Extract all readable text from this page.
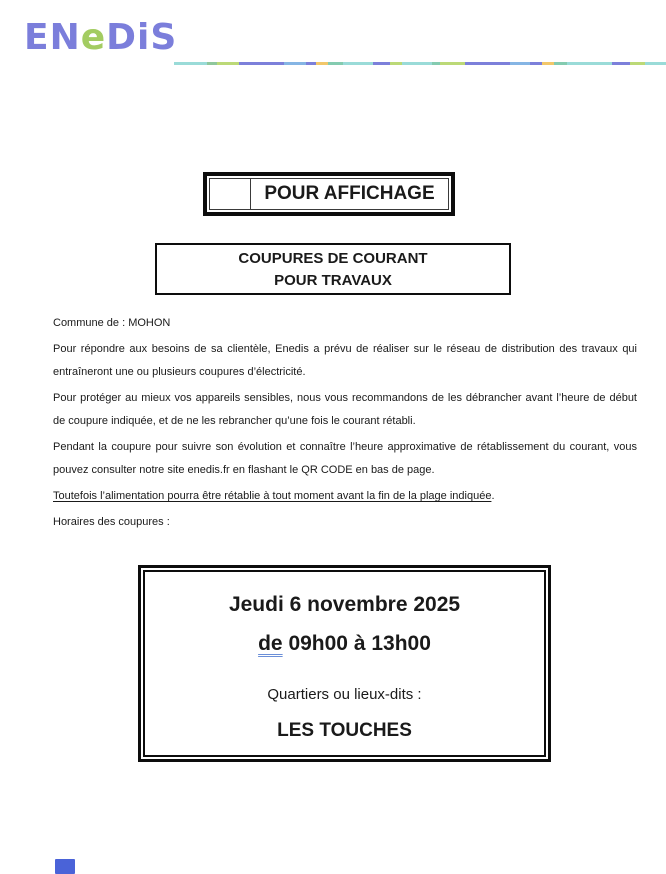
ENeDiS
POUR AFFICHAGE
COUPURES DE COURANT
POUR TRAVAUX

Commune de : MOHON

Pour répondre aux besoins de sa clientèle, Enedis a prévu de réaliser sur le réseau de distribution des travaux qui entraîneront une ou plusieurs coupures d’électricité.

Pour protéger au mieux vos appareils sensibles, nous vous recommandons de les débrancher avant l’heure de début de coupure indiquée, et de ne les rebrancher qu’une fois le courant rétabli.

Pendant la coupure pour suivre son évolution et connaître l’heure approximative de rétablissement du courant, vous pouvez consulter notre site enedis.fr en flashant le QR CODE en bas de page.

Toutefois l’alimentation pourra être rétablie à tout moment avant la fin de la plage indiquée.

Horaires des coupures :

Jeudi 6 novembre 2025
de 09h00 à 13h00
Quartiers ou lieux-dits :
LES TOUCHES
